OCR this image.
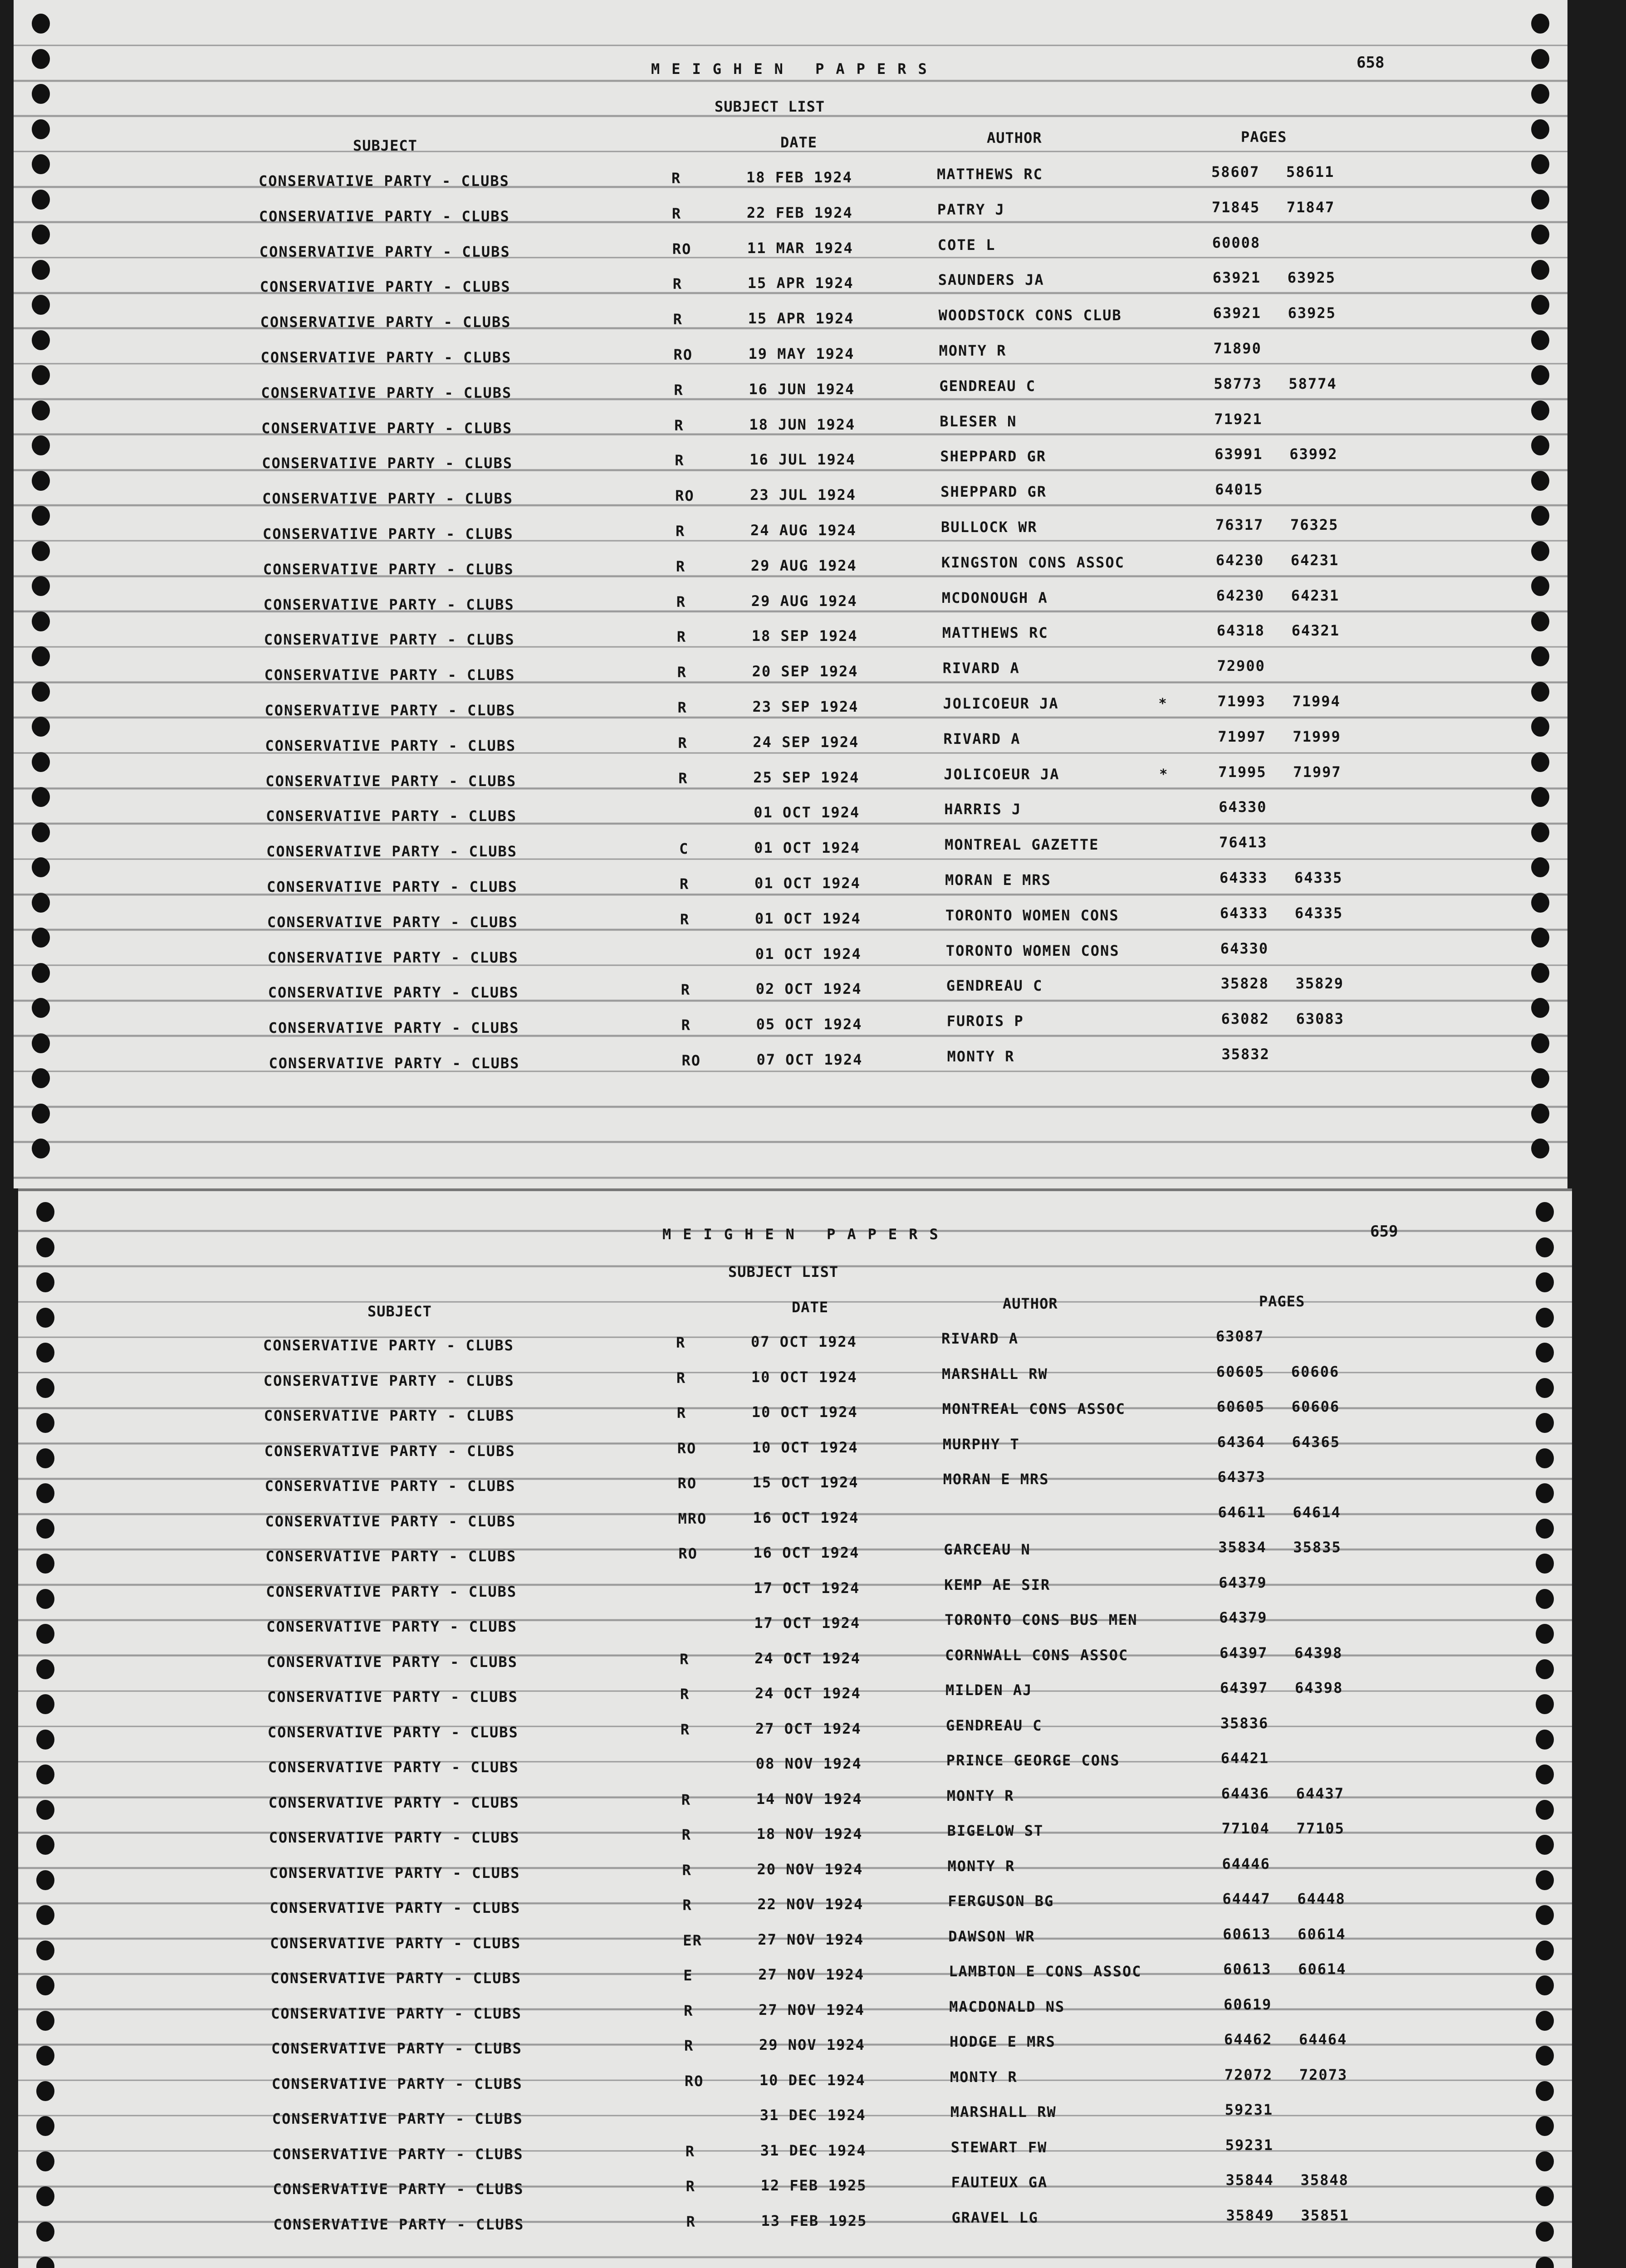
MEIGHEN PAPERS	658
SUBJECT LIST
SUBJECT	DATE	AUTHOR	PAGES
CONSERVATIVE PARTY - CLUBS	R	18 FEB 1924	MATTHEWS RC	58607 58611
CONSERVATIVE PARTY - CLUBS	R	22 FEB 1924	PATRY J	71845 71847
CONSERVATIVE PARTY - CLUBS	RO	11 MAR 1924	COTE L	60008
CONSERVATIVE PARTY - CLUBS	R	15 APR 1924	SAUNDERS JA	63921 63925
CONSERVATIVE PARTY - CLUBS	R	15 APR 1924	WOODSTOCK CONS CLUB	63921 63925
CONSERVATIVE PARTY - CLUBS	RO	19 MAY 1924	MONTY R	71890
CONSERVATIVE PARTY - CLUBS	R	16 JUN 1924	GENDREAU C	58773 58774
CONSERVATIVE PARTY - CLUBS	R	18 JUN 1924	BLESER N	71921
CONSERVATIVE PARTY - CLUBS	R	16 JUL 1924	SHEPPARD GR	63991 63992
CONSERVATIVE PARTY - CLUBS	RO	23 JUL 1924	SHEPPARD GR	64015
CONSERVATIVE PARTY - CLUBS	R	24 AUG 1924	BULLOCK WR	76317 76325
CONSERVATIVE PARTY - CLUBS	R	29 AUG 1924	KINGSTON CONS ASSOC	64230 64231
CONSERVATIVE PARTY - CLUBS	R	29 AUG 1924	MCDONOUGH A	64230 64231
CONSERVATIVE PARTY - CLUBS	R	18 SEP 1924	MATTHEWS RC	64318 64321
CONSERVATIVE PARTY - CLUBS	R	20 SEP 1924	RIVARD A	72900
CONSERVATIVE PARTY - CLUBS	R	23 SEP 1924	JOLICOEUR JA	*	71993 71994
CONSERVATIVE PARTY - CLUBS	R	24 SEP 1924	RIVARD A	71997 71999
CONSERVATIVE PARTY - CLUBS	R	25 SEP 1924	JOLICOEUR JA	*	71995 71997
CONSERVATIVE PARTY - CLUBS	01 OCT 1924	HARRIS J	64330
CONSERVATIVE PARTY - CLUBS	C	01 OCT 1924	MONTREAL GAZETTE	76413
CONSERVATIVE PARTY - CLUBS	R	01 OCT 1924	MORAN E MRS	64333 64335
CONSERVATIVE PARTY - CLUBS	R	01 OCT 1924	TORONTO WOMEN CONS	64333 64335
CONSERVATIVE PARTY - CLUBS	01 OCT 1924	TORONTO WOMEN CONS	64330
CONSERVATIVE PARTY - CLUBS	R	02 OCT 1924	GENDREAU C	35828 35829
CONSERVATIVE PARTY - CLUBS	R	05 OCT 1924	FUROIS P	63082 63083
CONSERVATIVE PARTY - CLUBS	RO	07 OCT 1924	MONTY R	35832
MEIGHEN PAPERS	659
SUBJECT LIST
SUBJECT	DATE	AUTHOR	PAGES
CONSERVATIVE PARTY - CLUBS	R	07 OCT 1924	RIVARD A	63087
CONSERVATIVE PARTY - CLUBS	R	10 OCT 1924	MARSHALL RW	60605 60606
CONSERVATIVE PARTY - CLUBS	R	10 OCT 1924	MONTREAL CONS ASSOC	60605 60606
CONSERVATIVE PARTY - CLUBS	RO	10 OCT 1924	MURPHY T	64364 64365
CONSERVATIVE PARTY - CLUBS	RO	15 OCT 1924	MORAN E MRS	64373
CONSERVATIVE PARTY - CLUBS	MRO	16 OCT 1924	64611 64614
CONSERVATIVE PARTY - CLUBS	RO	16 OCT 1924	GARCEAU N	35834 35835
CONSERVATIVE PARTY - CLUBS	17 OCT 1924	KEMP AE SIR	64379
CONSERVATIVE PARTY - CLUBS	17 OCT 1924	TORONTO CONS BUS MEN	64379
CONSERVATIVE PARTY - CLUBS	R	24 OCT 1924	CORNWALL CONS ASSOC	64397 64398
CONSERVATIVE PARTY - CLUBS	R	24 OCT 1924	MILDEN AJ	64397 64398
CONSERVATIVE PARTY - CLUBS	R	27 OCT 1924	GENDREAU C	35836
CONSERVATIVE PARTY - CLUBS	08 NOV 1924	PRINCE GEORGE CONS	64421
CONSERVATIVE PARTY - CLUBS	R	14 NOV 1924	MONTY R	64436 64437
CONSERVATIVE PARTY - CLUBS	R	18 NOV 1924	BIGELOW ST	77104 77105
CONSERVATIVE PARTY - CLUBS	R	20 NOV 1924	MONTY R	64446
CONSERVATIVE PARTY - CLUBS	R	22 NOV 1924	FERGUSON BG	64447 64448
CONSERVATIVE PARTY - CLUBS	ER	27 NOV 1924	DAWSON WR	60613 60614
CONSERVATIVE PARTY - CLUBS	E	27 NOV 1924	LAMBTON E CONS ASSOC	60613 60614
CONSERVATIVE PARTY - CLUBS	R	27 NOV 1924	MACDONALD NS	60619
CONSERVATIVE PARTY - CLUBS	R	29 NOV 1924	HODGE E MRS	64462 64464
CONSERVATIVE PARTY - CLUBS	RO	10 DEC 1924	MONTY R	72072 72073
CONSERVATIVE PARTY - CLUBS	31 DEC 1924	MARSHALL RW	59231
CONSERVATIVE PARTY - CLUBS	R	31 DEC 1924	STEWART FW	59231
CONSERVATIVE PARTY - CLUBS	R	12 FEB 1925	FAUTEUX GA	35844 35848
CONSERVATIVE PARTY - CLUBS	R	13 FEB 1925	GRAVEL LG	35849 35851
